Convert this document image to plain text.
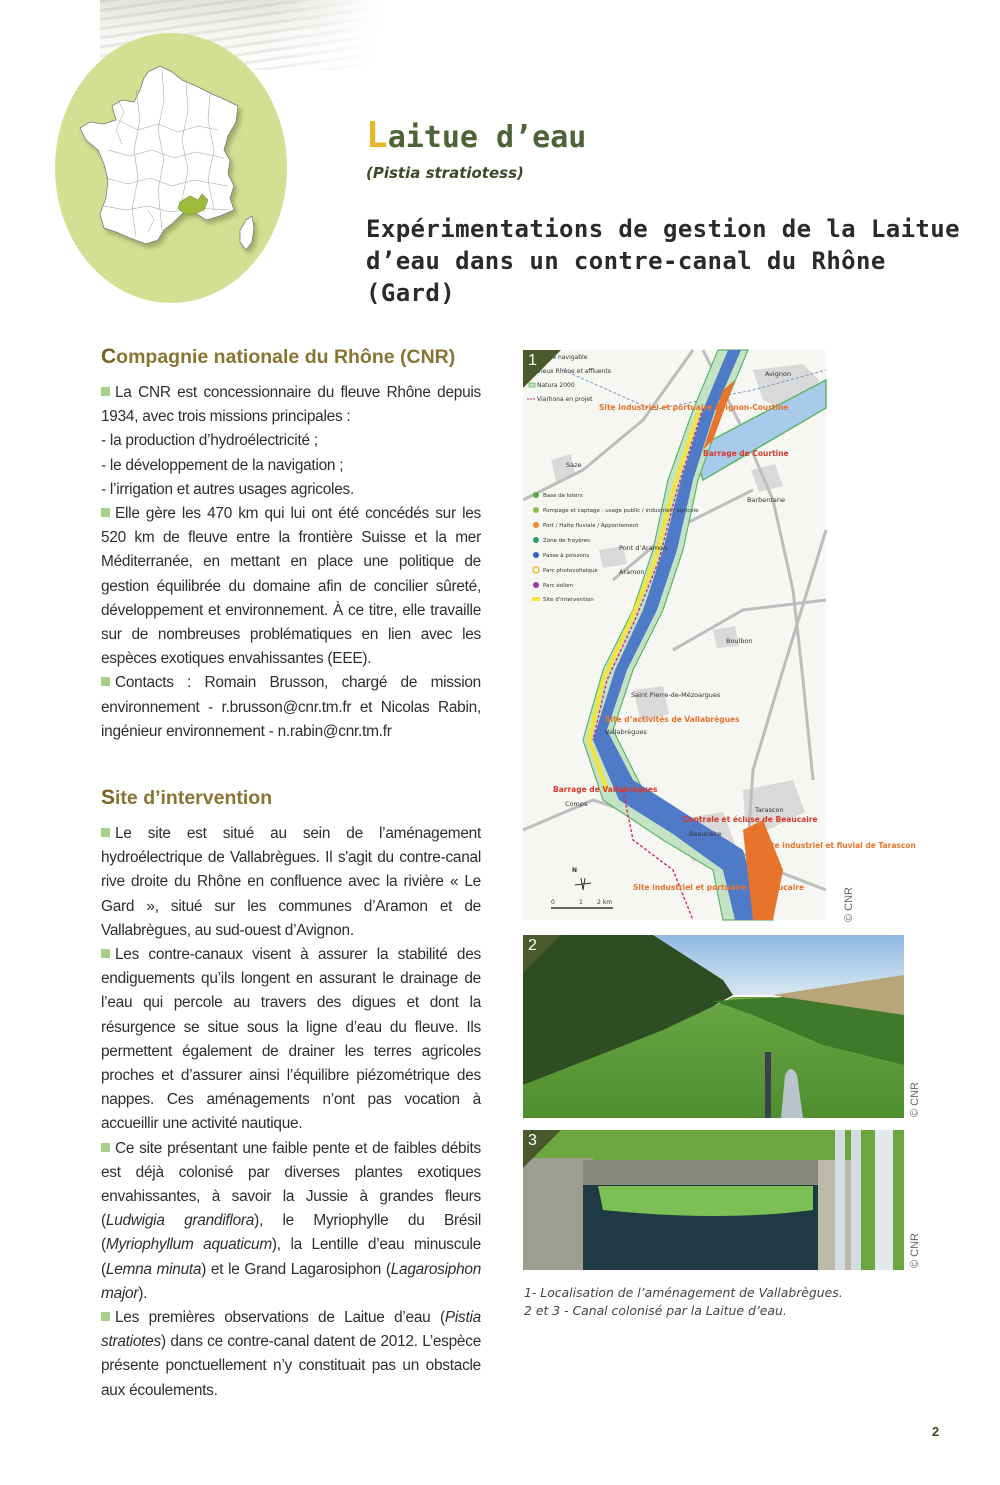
Laitue d’eau
(Pistia stratiotess)
Expérimentations de gestion de la Laitue d’eau dans un contre-canal du Rhône (Gard)
Compagnie nationale du Rhône (CNR)
La CNR est concessionnaire du fleuve Rhône depuis 1934, avec trois missions principales :
- la production d’hydroélectricité ;
- le développement de la navigation ;
- l’irrigation et autres usages agricoles.
Elle gère les 470 km qui lui ont été concédés sur les 520 km de fleuve entre la frontière Suisse et la mer Méditerranée, en mettant en place une politique de gestion équilibrée du domaine afin de concilier sûreté, développement et environnement. À ce titre, elle travaille sur de nombreuses problématiques en lien avec les espèces exotiques envahissantes (EEE).
Contacts : Romain Brusson, chargé de mission environnement - r.brusson@cnr.tm.fr et Nicolas Rabin, ingénieur environnement - n.rabin@cnr.tm.fr
Site d’intervention
Le site est situé au sein de l’aménagement hydroélectrique de Vallabrègues. Il s'agit du contre-canal rive droite du Rhône en confluence avec la rivière « Le Gard », situé sur les communes d’Aramon et de Vallabrègues, au sud-ouest d’Avignon.
Les contre-canaux visent à assurer la stabilité des endiguements qu’ils longent en assurant le drainage de l’eau qui percole au travers des digues et dont la résurgence se situe sous la ligne d’eau du fleuve. Ils permettent également de drainer les terres agricoles proches et d’assurer ainsi l’équilibre piézométrique des nappes. Ces aménagements n’ont pas vocation à accueillir une activité nautique.
Ce site présentant une faible pente et de faibles débits est déjà colonisé par diverses plantes exotiques envahissantes, à savoir la Jussie à grandes fleurs (Ludwigia grandiflora), le Myriophylle du Brésil (Myriophyllum aquaticum), la Lentille d’eau minuscule (Lemna minuta) et le Grand Lagarosiphon (Lagarosiphon major).
Les premières observations de Laitue d’eau (Pistia stratiotes) dans ce contre-canal datent de 2012. L’espèce présente ponctuellement n’y constituait pas un obstacle aux écoulements.
Rhône navigable
Vieux Rhône et affluents
Natura 2000
Viarhona en projet
Base de loisirs
Pompage et captage : usage public / industriel / agricole
Port / Halte fluviale / Appontement
Zone de frayères
Passe à poissons
Parc photovoltaïque
Parc éolien
Site d'intervention
Avignon
Saze
Barbentane
Pont d’Aramon
Aramon
Boulbon
Saint Pierre-de-Mézoargues
Vallabrègues
Comps
Tarascon
Beaucaire
Site industriel et portuaire Avignon-Courtine
Barrage de Courtine
Site d’activités de Vallabrègues
Barrage de Vallabrègues
Centrale et écluse de Beaucaire
Site industriel et fluvial de Tarascon
Site industriel et portuaire de Beaucaire
N
0	1 2 km
1
© CNR
2
© CNR
3
© CNR
1- Localisation de l’aménagement de Vallabrègues.
2 et 3 - Canal colonisé par la Laitue d’eau.
2
